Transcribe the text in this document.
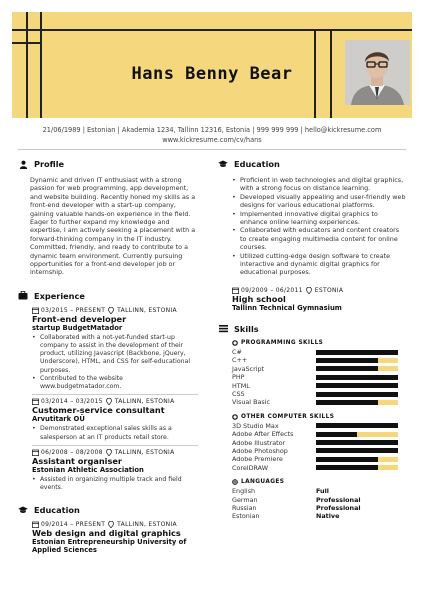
Hans Benny Bear
21/06/1989 | Estonian | Akademia 1234, Tallinn 12316, Estonia | 999 999 999 | hello@kickresume.com
www.kickresume.com/cv/hans
Profile
Dynamic and driven IT enthusiast with a strong passion for web programming, app development, and website building. Recently honed my skills as a front-end developer with a start-up company, gaining valuable hands-on experience in the field. Eager to further expand my knowledge and expertise, I am actively seeking a placement with a forward-thinking company in the IT industry. Committed, friendly, and ready to contribute to a dynamic team environment. Currently pursuing opportunities for a front-end developer job or internship.
Experience
03/2015 – PRESENT TALLINN, ESTONIA
Front-end developer
startup BudgetMatador
• Collaborated with a not-yet-funded start-up company to assist in the development of their product, utilizing Javascript (Backbone, jQuery, Underscore), HTML, and CSS for self-educational purposes.
• Contributed to the website www.budgetmatador.com.
03/2014 – 03/2015 TALLINN, ESTONIA
Customer-service consultant
Arvutitark OÜ
• Demonstrated exceptional sales skills as a salesperson at an IT products retail store.
06/2008 – 08/2008 TALLINN, ESTONIA
Assistant organiser
Estonian Athletic Association
• Assisted in organizing multiple track and field events.
Education
09/2014 – PRESENT TALLINN, ESTONIA
Web design and digital graphics
Estonian Entrepreneurship University of Applied Sciences
Education
• Proficient in web technologies and digital graphics, with a strong focus on distance learning.
• Developed visually appealing and user-friendly web designs for various educational platforms.
• Implemented innovative digital graphics to enhance online learning experiences.
• Collaborated with educators and content creators to create engaging multimedia content for online courses.
• Utilized cutting-edge design software to create interactive and dynamic digital graphics for educational purposes.
09/2009 – 06/2011 ESTONIA
High school
Tallinn Technical Gymnasium
Skills
PROGRAMMING SKILLS
C#
C++
JavaScript
PHP
HTML
CSS
Visual Basic
OTHER COMPUTER SKILLS
3D Studio Max
Adobe After Effects
Adobe Illustrator
Adobe Photoshop
Adobe Premiere
CorelDRAW
LANGUAGES
English	Full
German	Professional
Russian	Professional
Estonian	Native
